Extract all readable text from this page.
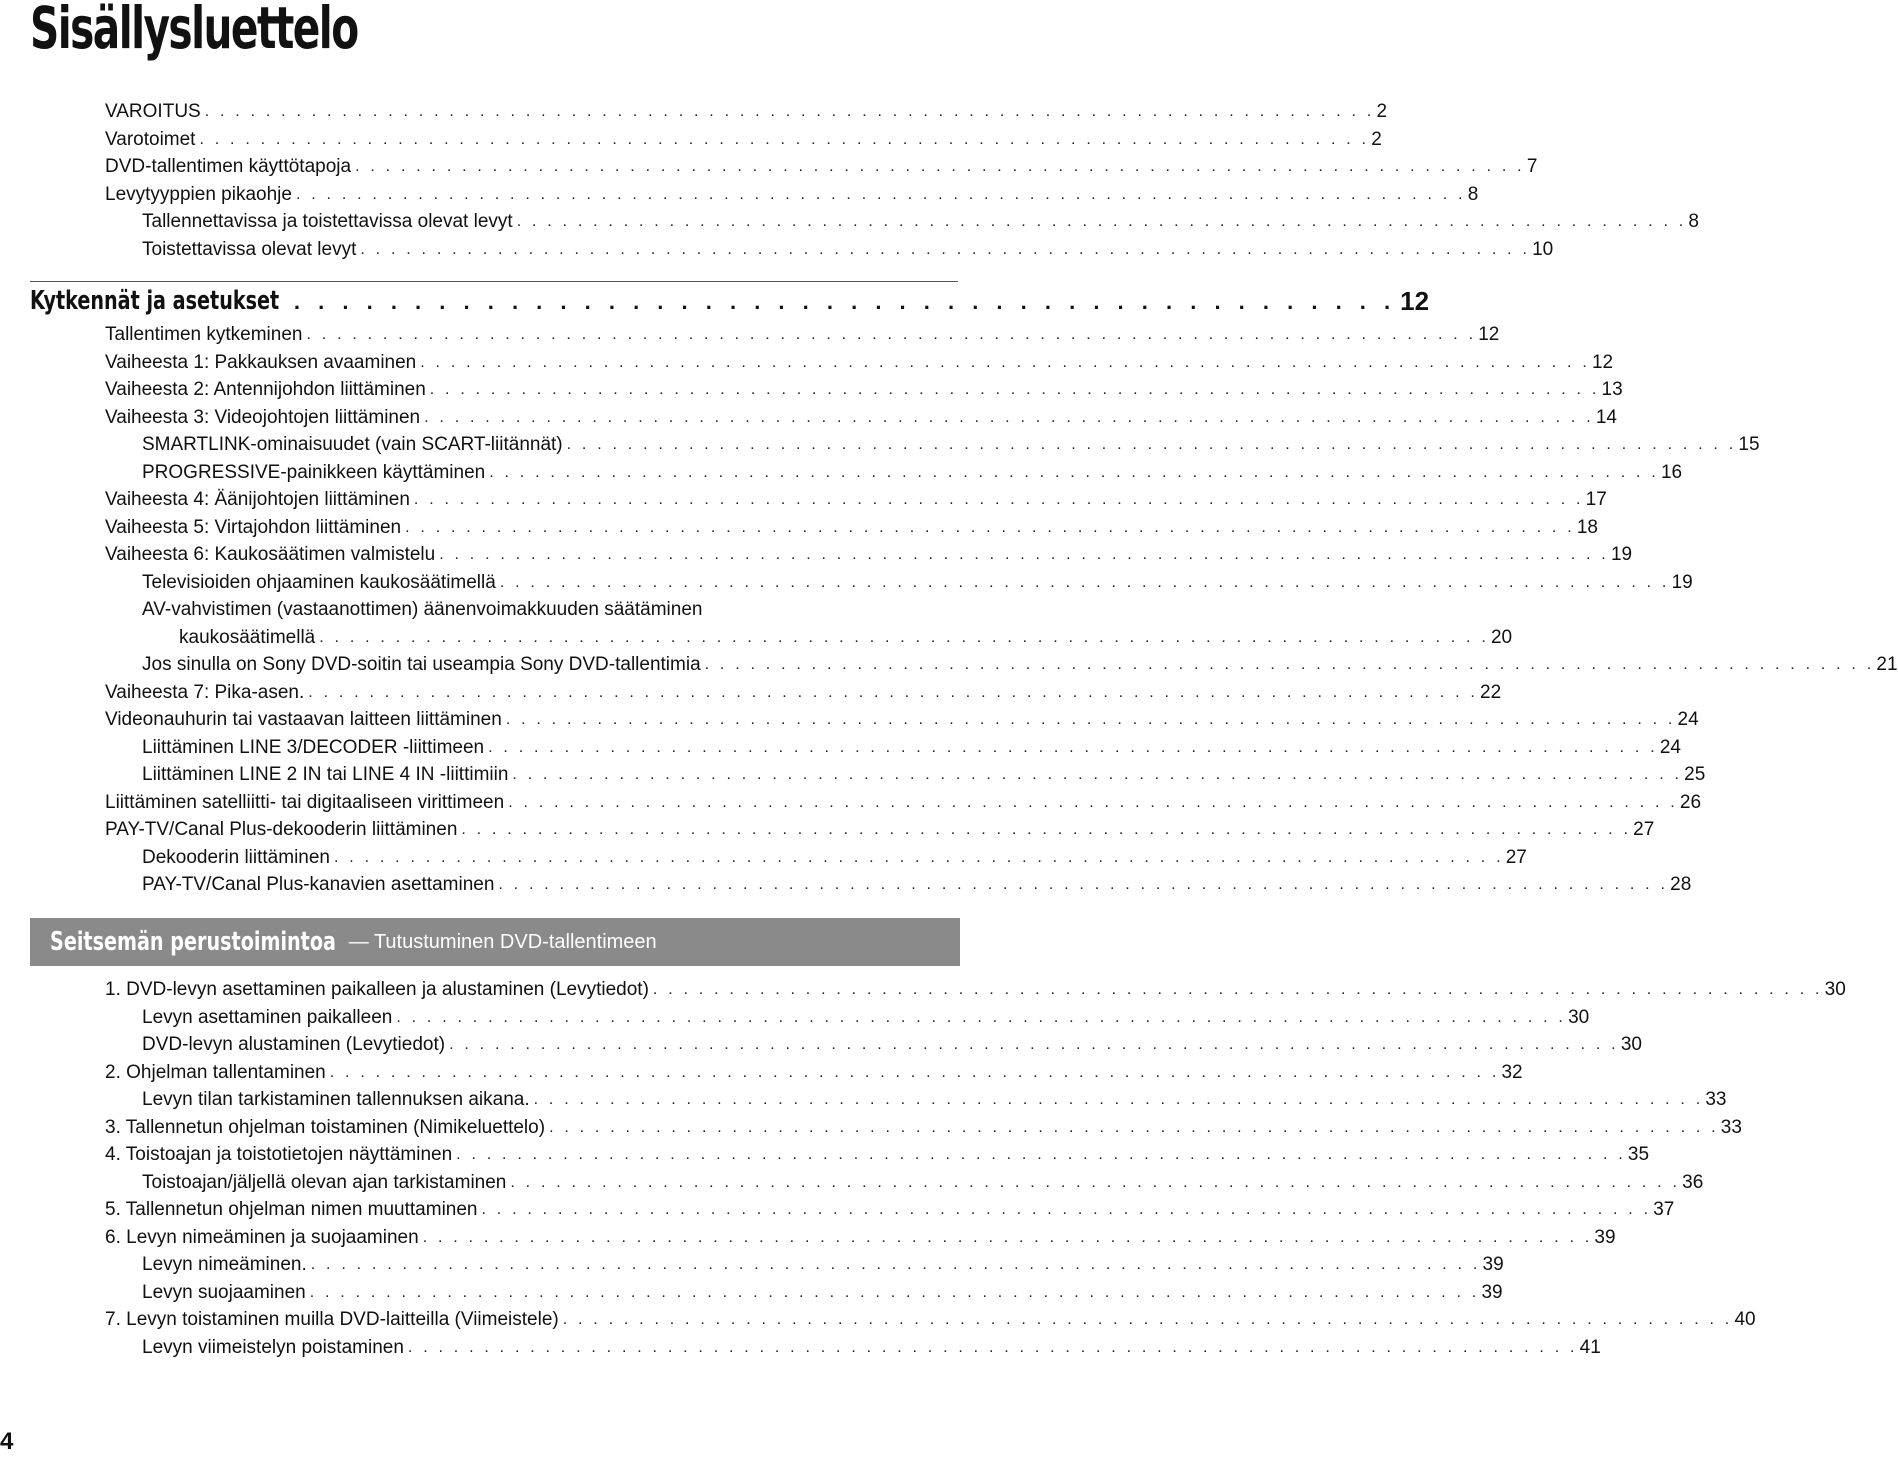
Sisällysluettelo
VAROITUS . . . . . . . . . . . . . . . . . . . . . . . . . . . . . . . . . . . . . . . . . . . . . . . . . . . . . . . . . . . . . . . . . . . . . . . . . . . . . 2
Varotoimet . . . . . . . . . . . . . . . . . . . . . . . . . . . . . . . . . . . . . . . . . . . . . . . . . . . . . . . . . . . . . . . . . . . . . . . . . . . . . 2
DVD-tallentimen käyttötapoja . . . . . . . . . . . . . . . . . . . . . . . . . . . . . . . . . . . . . . . . . . . . . . . . . . . . . . . . . . . . . . . . . . . . . . . . . . . . . 7
Levytyyppien pikaohje . . . . . . . . . . . . . . . . . . . . . . . . . . . . . . . . . . . . . . . . . . . . . . . . . . . . . . . . . . . . . . . . . . . . . . . . . . . . . 8
Tallennettavissa ja toistettavissa olevat levyt . . . . . . . . . . . . . . . . . . . . . . . . . . . . . . . . . . . . . . . . . . . . . . . . . . . . . . . . . . . . . . . . . . . . . . . . . . . . . 8
Toistettavissa olevat levyt . . . . . . . . . . . . . . . . . . . . . . . . . . . . . . . . . . . . . . . . . . . . . . . . . . . . . . . . . . . . . . . . . . . . . . . . . . . . . 10
Kytkennät ja asetukset . . . . . . . . . . . . . . . . . . . . . . . . . . . . . . . . . . . . . . . . . . . . . . 12
Tallentimen kytkeminen . . . . . . . . . . . . . . . . . . . . . . . . . . . . . . . . . . . . . . . . . . . . . . . . . . . . . . . . . . . . . . . . . . . . . . . . . . . . . 12
Vaiheesta 1: Pakkauksen avaaminen . . . . . . . . . . . . . . . . . . . . . . . . . . . . . . . . . . . . . . . . . . . . . . . . . . . . . . . . . . . . . . . . . . . . . . . . . . . . . 12
Vaiheesta 2: Antennijohdon liittäminen . . . . . . . . . . . . . . . . . . . . . . . . . . . . . . . . . . . . . . . . . . . . . . . . . . . . . . . . . . . . . . . . . . . . . . . . . . . . . 13
Vaiheesta 3: Videojohtojen liittäminen . . . . . . . . . . . . . . . . . . . . . . . . . . . . . . . . . . . . . . . . . . . . . . . . . . . . . . . . . . . . . . . . . . . . . . . . . . . . . 14
SMARTLINK-ominaisuudet (vain SCART-liitännät) . . . . . . . . . . . . . . . . . . . . . . . . . . . . . . . . . . . . . . . . . . . . . . . . . . . . . . . . . . . . . . . . . . . . . . . . . . . . . 15
PROGRESSIVE-painikkeen käyttäminen . . . . . . . . . . . . . . . . . . . . . . . . . . . . . . . . . . . . . . . . . . . . . . . . . . . . . . . . . . . . . . . . . . . . . . . . . . . . . 16
Vaiheesta 4: Äänijohtojen liittäminen . . . . . . . . . . . . . . . . . . . . . . . . . . . . . . . . . . . . . . . . . . . . . . . . . . . . . . . . . . . . . . . . . . . . . . . . . . . . . 17
Vaiheesta 5: Virtajohdon liittäminen . . . . . . . . . . . . . . . . . . . . . . . . . . . . . . . . . . . . . . . . . . . . . . . . . . . . . . . . . . . . . . . . . . . . . . . . . . . . . 18
Vaiheesta 6: Kaukosäätimen valmistelu . . . . . . . . . . . . . . . . . . . . . . . . . . . . . . . . . . . . . . . . . . . . . . . . . . . . . . . . . . . . . . . . . . . . . . . . . . . . . 19
Televisioiden ohjaaminen kaukosäätimellä . . . . . . . . . . . . . . . . . . . . . . . . . . . . . . . . . . . . . . . . . . . . . . . . . . . . . . . . . . . . . . . . . . . . . . . . . . . . . 19
AV-vahvistimen (vastaanottimen) äänenvoimakkuuden säätäminen
kaukosäätimellä . . . . . . . . . . . . . . . . . . . . . . . . . . . . . . . . . . . . . . . . . . . . . . . . . . . . . . . . . . . . . . . . . . . . . . . . . . . . . 20
Jos sinulla on Sony DVD-soitin tai useampia Sony DVD-tallentimia . . . . . . . . . . . . . . . . . . . . . . . . . . . . . . . . . . . . . . . . . . . . . . . . . . . . . . . . . . . . . . . . . . . . . . . . . . . . . 21
Vaiheesta 7: Pika-asen. . . . . . . . . . . . . . . . . . . . . . . . . . . . . . . . . . . . . . . . . . . . . . . . . . . . . . . . . . . . . . . . . . . . . . . . . . . . . . 22
Videonauhurin tai vastaavan laitteen liittäminen . . . . . . . . . . . . . . . . . . . . . . . . . . . . . . . . . . . . . . . . . . . . . . . . . . . . . . . . . . . . . . . . . . . . . . . . . . . . . 24
Liittäminen LINE 3/DECODER -liittimeen . . . . . . . . . . . . . . . . . . . . . . . . . . . . . . . . . . . . . . . . . . . . . . . . . . . . . . . . . . . . . . . . . . . . . . . . . . . . . 24
Liittäminen LINE 2 IN tai LINE 4 IN -liittimiin . . . . . . . . . . . . . . . . . . . . . . . . . . . . . . . . . . . . . . . . . . . . . . . . . . . . . . . . . . . . . . . . . . . . . . . . . . . . . 25
Liittäminen satelliitti- tai digitaaliseen virittimeen . . . . . . . . . . . . . . . . . . . . . . . . . . . . . . . . . . . . . . . . . . . . . . . . . . . . . . . . . . . . . . . . . . . . . . . . . . . . . 26
PAY-TV/Canal Plus-dekooderin liittäminen . . . . . . . . . . . . . . . . . . . . . . . . . . . . . . . . . . . . . . . . . . . . . . . . . . . . . . . . . . . . . . . . . . . . . . . . . . . . . 27
Dekooderin liittäminen . . . . . . . . . . . . . . . . . . . . . . . . . . . . . . . . . . . . . . . . . . . . . . . . . . . . . . . . . . . . . . . . . . . . . . . . . . . . . 27
PAY-TV/Canal Plus-kanavien asettaminen . . . . . . . . . . . . . . . . . . . . . . . . . . . . . . . . . . . . . . . . . . . . . . . . . . . . . . . . . . . . . . . . . . . . . . . . . . . . . 28
Seitsemän perustoimintoa — Tutustuminen DVD-tallentimeen
1. DVD-levyn asettaminen paikalleen ja alustaminen (Levytiedot) . . . . . . . . . . . . . . . . . . . . . . . . . . . . . . . . . . . . . . . . . . . . . . . . . . . . . . . . . . . . . . . . . . . . . . . . . . . . . 30
Levyn asettaminen paikalleen . . . . . . . . . . . . . . . . . . . . . . . . . . . . . . . . . . . . . . . . . . . . . . . . . . . . . . . . . . . . . . . . . . . . . . . . . . . . . 30
DVD-levyn alustaminen (Levytiedot) . . . . . . . . . . . . . . . . . . . . . . . . . . . . . . . . . . . . . . . . . . . . . . . . . . . . . . . . . . . . . . . . . . . . . . . . . . . . . 30
2. Ohjelman tallentaminen . . . . . . . . . . . . . . . . . . . . . . . . . . . . . . . . . . . . . . . . . . . . . . . . . . . . . . . . . . . . . . . . . . . . . . . . . . . . . 32
Levyn tilan tarkistaminen tallennuksen aikana. . . . . . . . . . . . . . . . . . . . . . . . . . . . . . . . . . . . . . . . . . . . . . . . . . . . . . . . . . . . . . . . . . . . . . . . . . . . . . 33
3. Tallennetun ohjelman toistaminen (Nimikeluettelo) . . . . . . . . . . . . . . . . . . . . . . . . . . . . . . . . . . . . . . . . . . . . . . . . . . . . . . . . . . . . . . . . . . . . . . . . . . . . . 33
4. Toistoajan ja toistotietojen näyttäminen . . . . . . . . . . . . . . . . . . . . . . . . . . . . . . . . . . . . . . . . . . . . . . . . . . . . . . . . . . . . . . . . . . . . . . . . . . . . . 35
Toistoajan/jäljellä olevan ajan tarkistaminen . . . . . . . . . . . . . . . . . . . . . . . . . . . . . . . . . . . . . . . . . . . . . . . . . . . . . . . . . . . . . . . . . . . . . . . . . . . . . 36
5. Tallennetun ohjelman nimen muuttaminen . . . . . . . . . . . . . . . . . . . . . . . . . . . . . . . . . . . . . . . . . . . . . . . . . . . . . . . . . . . . . . . . . . . . . . . . . . . . . 37
6. Levyn nimeäminen ja suojaaminen . . . . . . . . . . . . . . . . . . . . . . . . . . . . . . . . . . . . . . . . . . . . . . . . . . . . . . . . . . . . . . . . . . . . . . . . . . . . . 39
Levyn nimeäminen. . . . . . . . . . . . . . . . . . . . . . . . . . . . . . . . . . . . . . . . . . . . . . . . . . . . . . . . . . . . . . . . . . . . . . . . . . . . . . 39
Levyn suojaaminen . . . . . . . . . . . . . . . . . . . . . . . . . . . . . . . . . . . . . . . . . . . . . . . . . . . . . . . . . . . . . . . . . . . . . . . . . . . . . 39
7. Levyn toistaminen muilla DVD-laitteilla (Viimeistele) . . . . . . . . . . . . . . . . . . . . . . . . . . . . . . . . . . . . . . . . . . . . . . . . . . . . . . . . . . . . . . . . . . . . . . . . . . . . . 40
Levyn viimeistelyn poistaminen . . . . . . . . . . . . . . . . . . . . . . . . . . . . . . . . . . . . . . . . . . . . . . . . . . . . . . . . . . . . . . . . . . . . . . . . . . . . . 41
4
